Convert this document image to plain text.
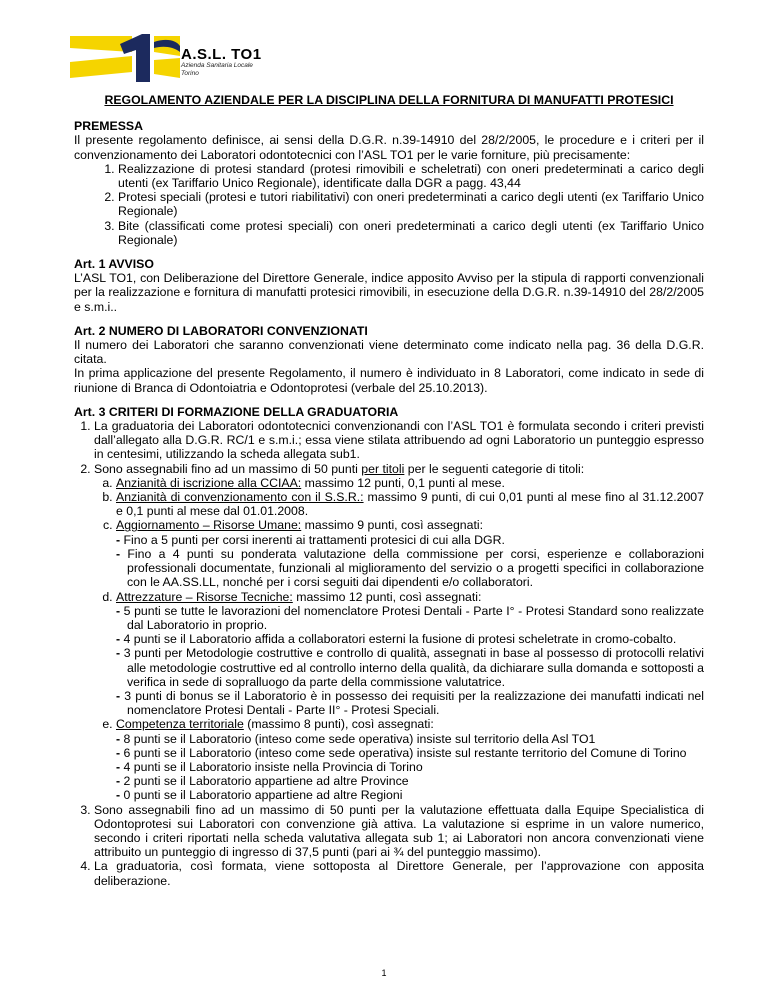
A.S.L. TO1
Azienda Sanitaria Locale
Torino
REGOLAMENTO AZIENDALE PER LA DISCIPLINA DELLA FORNITURA DI MANUFATTI PROTESICI
PREMESSA

Il presente regolamento definisce, ai sensi della D.G.R. n.39-14910 del 28/2/2005, le procedure e i criteri per il convenzionamento dei Laboratori odontotecnici con l’ASL TO1 per le varie forniture, più precisamente:

1. Realizzazione di protesi standard (protesi rimovibili e scheletrati) con oneri predeterminati a carico degli utenti (ex Tariffario Unico Regionale), identificate dalla DGR a pagg. 43,44
2. Protesi speciali (protesi e tutori riabilitativi) con oneri predeterminati a carico degli utenti (ex Tariffario Unico Regionale)
3. Bite (classificati come protesi speciali) con oneri predeterminati a carico degli utenti (ex Tariffario Unico Regionale)
Art. 1 AVVISO

L’ASL TO1, con Deliberazione del Direttore Generale, indice apposito Avviso per la stipula di rapporti convenzionali per la realizzazione e fornitura di manufatti protesici rimovibili, in esecuzione della D.G.R. n.39-14910 del 28/2/2005 e s.m.i..

Art. 2 NUMERO DI LABORATORI CONVENZIONATI

Il numero dei Laboratori che saranno convenzionati viene determinato come indicato nella pag. 36 della D.G.R. citata.

In prima applicazione del presente Regolamento, il numero è individuato in 8 Laboratori, come indicato in sede di riunione di Branca di Odontoiatria e Odontoprotesi (verbale del 25.10.2013).

Art. 3 CRITERI DI FORMAZIONE DELLA GRADUATORIA
1. La graduatoria dei Laboratori odontotecnici convenzionandi con l’ASL TO1 è formulata secondo i criteri previsti dall’allegato alla D.G.R. RC/1 e s.m.i.; essa viene stilata attribuendo ad ogni Laboratorio un punteggio espresso in centesimi, utilizzando la scheda allegata sub1.
2. Sono assegnabili fino ad un massimo di 50 punti per titoli per le seguenti categorie di titoli:
a. Anzianità di iscrizione alla CCIAA: massimo 12 punti, 0,1 punti al mese.
b. Anzianità di convenzionamento con il S.S.R.: massimo 9 punti, di cui 0,01 punti al mese fino al 31.12.2007 e 0,1 punti al mese dal 01.01.2008.
c. Aggiornamento – Risorse Umane: massimo 9 punti, così assegnati:
- Fino a 5 punti per corsi inerenti ai trattamenti protesici di cui alla DGR.
- Fino a 4 punti su ponderata valutazione della commissione per corsi, esperienze e collaborazioni professionali documentate, funzionali al miglioramento del servizio o a progetti specifici in collaborazione con le AA.SS.LL, nonché per i corsi seguiti dai dipendenti e/o collaboratori.
d. Attrezzature – Risorse Tecniche: massimo 12 punti, così assegnati:
- 5 punti se tutte le lavorazioni del nomenclatore Protesi Dentali - Parte I° - Protesi Standard sono realizzate dal Laboratorio in proprio.
- 4 punti se il Laboratorio affida a collaboratori esterni la fusione di protesi scheletrate in cromo-cobalto.
- 3 punti per Metodologie costruttive e controllo di qualità, assegnati in base al possesso di protocolli relativi alle metodologie costruttive ed al controllo interno della qualità, da dichiarare sulla domanda e sottoposti a verifica in sede di sopralluogo da parte della commissione valutatrice.
- 3 punti di bonus se il Laboratorio è in possesso dei requisiti per la realizzazione dei manufatti indicati nel nomenclatore Protesi Dentali - Parte II° - Protesi Speciali.
e. Competenza territoriale (massimo 8 punti), così assegnati:
- 8 punti se il Laboratorio (inteso come sede operativa) insiste sul territorio della Asl TO1
- 6 punti se il Laboratorio (inteso come sede operativa) insiste sul restante territorio del Comune di Torino
- 4 punti se il Laboratorio insiste nella Provincia di Torino
- 2 punti se il Laboratorio appartiene ad altre Province
- 0 punti se il Laboratorio appartiene ad altre Regioni
3. Sono assegnabili fino ad un massimo di 50 punti per la valutazione effettuata dalla Equipe Specialistica di Odontoprotesi sui Laboratori con convenzione già attiva. La valutazione si esprime in un valore numerico, secondo i criteri riportati nella scheda valutativa allegata sub 1; ai Laboratori non ancora convenzionati viene attribuito un punteggio di ingresso di 37,5 punti (pari ai ¾ del punteggio massimo).
4. La graduatoria, così formata, viene sottoposta al Direttore Generale, per l’approvazione con apposita deliberazione.
1
